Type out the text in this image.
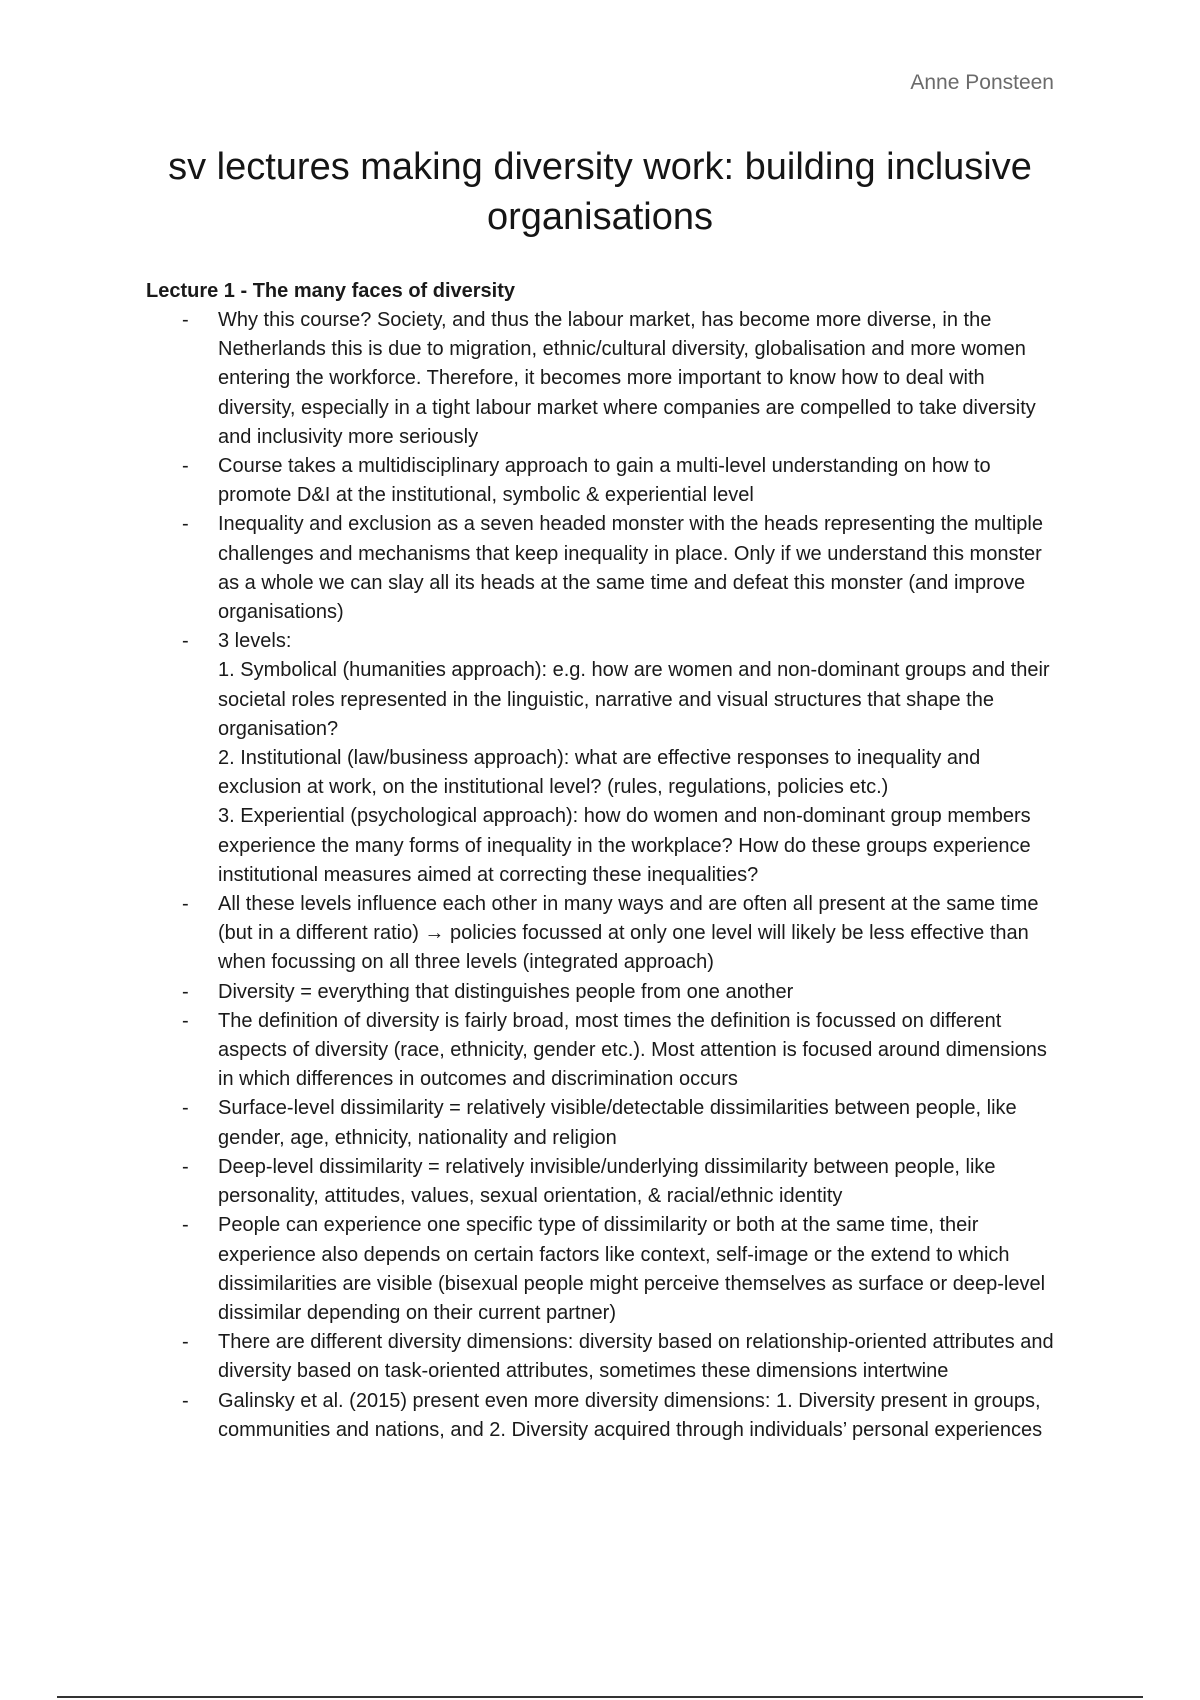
Anne Ponsteen
sv lectures making diversity work: building inclusive
organisations
Lecture 1 - The many faces of diversity
- Why this course? Society, and thus the labour market, has become more diverse, in the Netherlands this is due to migration, ethnic/cultural diversity, globalisation and more women entering the workforce. Therefore, it becomes more important to know how to deal with diversity, especially in a tight labour market where companies are compelled to take diversity and inclusivity more seriously
- Course takes a multidisciplinary approach to gain a multi-level understanding on how to promote D&I at the institutional, symbolic & experiential level
- Inequality and exclusion as a seven headed monster with the heads representing the multiple challenges and mechanisms that keep inequality in place. Only if we understand this monster as a whole we can slay all its heads at the same time and defeat this monster (and improve organisations)
- 3 levels:
1. Symbolical (humanities approach): e.g. how are women and non-dominant groups and their societal roles represented in the linguistic, narrative and visual structures that shape the organisation?
2. Institutional (law/business approach): what are effective responses to inequality and exclusion at work, on the institutional level? (rules, regulations, policies etc.)
3. Experiential (psychological approach): how do women and non-dominant group members experience the many forms of inequality in the workplace? How do these groups experience institutional measures aimed at correcting these inequalities?
- All these levels influence each other in many ways and are often all present at the same time (but in a different ratio) → policies focussed at only one level will likely be less effective than when focussing on all three levels (integrated approach)
- Diversity = everything that distinguishes people from one another
- The definition of diversity is fairly broad, most times the definition is focussed on different aspects of diversity (race, ethnicity, gender etc.). Most attention is focused around dimensions in which differences in outcomes and discrimination occurs
- Surface-level dissimilarity = relatively visible/detectable dissimilarities between people, like gender, age, ethnicity, nationality and religion
- Deep-level dissimilarity = relatively invisible/underlying dissimilarity between people, like personality, attitudes, values, sexual orientation, & racial/ethnic identity
- People can experience one specific type of dissimilarity or both at the same time, their experience also depends on certain factors like context, self-image or the extend to which dissimilarities are visible (bisexual people might perceive themselves as surface or deep-level dissimilar depending on their current partner)
- There are different diversity dimensions: diversity based on relationship-oriented attributes and diversity based on task-oriented attributes, sometimes these dimensions intertwine
- Galinsky et al. (2015) present even more diversity dimensions: 1. Diversity present in groups, communities and nations, and 2. Diversity acquired through individuals’ personal experiences
